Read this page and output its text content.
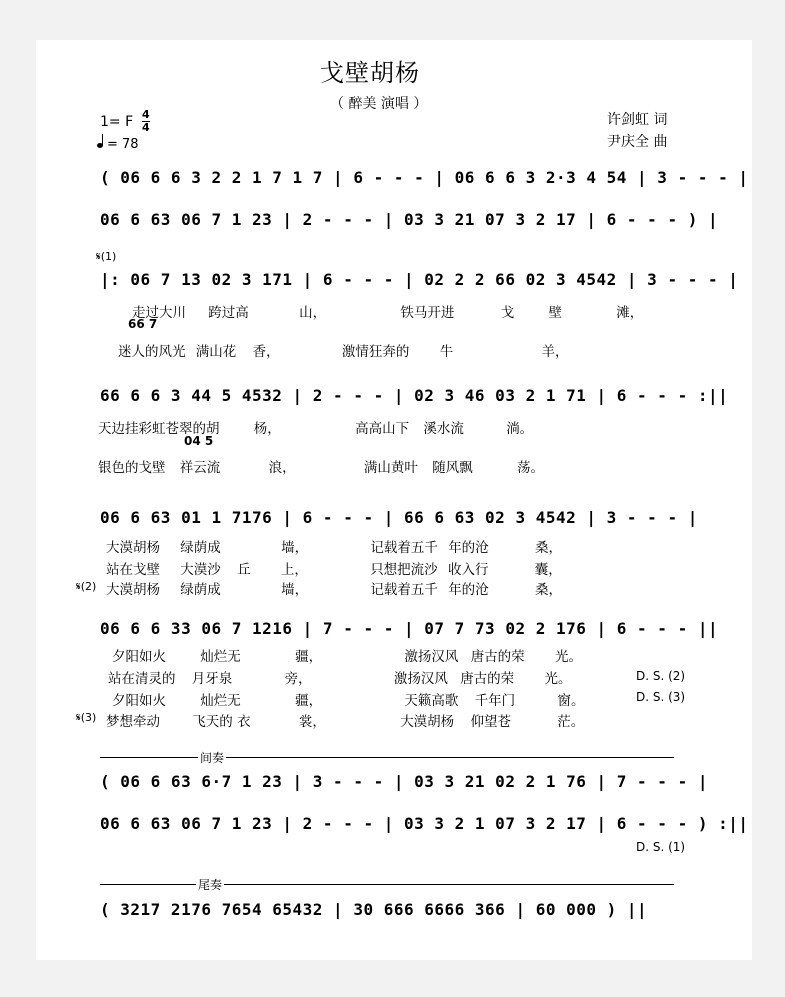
戈壁胡杨
（ 醉美 演唱 ）
许剑虹 词
尹庆全 曲
1= F $\frac{4}{4}$
= 78
( 06 6 6 3 2 2 1 7 1 7 | 6 - - - | 06 6 6 3 2·3 4 54 | 3 - - - |
06 6 63 06 7 1 23 | 2 - - - | 03 3 21 07 3 2 17 | 6 - - - ) |
𝄋(1)
|: 06 7 13 02 3 171 | 6 - - - | 02 2 2 66 02 3 4542 | 3 - - - |
走过大川 跨过高	山，	铁马开进	戈	壁	滩，
66 7
迷人的风光 满山花 香，	激情狂奔的 牛	羊，
66 6 6 3 44 5 4532 | 2 - - - | 02 3 46 03 2 1 71 | 6 - - - :||
天边挂彩虹苍翠的胡	杨，	高高山下 溪水流	淌。
04 5
银色的戈壁 祥云流	浪，	满山黄叶 随风飘	荡。
06 6 63 01 1 7176 | 6 - - - | 66 6 63 02 3 4542 | 3 - - - |
大漠胡杨 绿荫成	墙，	记载着五千 年的沧	桑，
站在戈壁 大漠沙 丘 上，	只想把流沙 收入行	囊，
𝄋(2) 大漠胡杨 绿荫成	墙，	记载着五千 年的沧	桑，
06 6 6 33 06 7 1216 | 7 - - - | 07 7 73 02 2 176 | 6 - - - ||
夕阳如火	灿烂无	疆，	激扬汉风 唐古的荣 光。
站在清灵的 月牙泉	旁，	激扬汉风 唐古的荣 光。	D. S. (2)
夕阳如火	灿烂无	疆，	天籁高歌 千年门	窗。	D. S. (3)
𝄋(3) 梦想牵动 飞天的 衣	裳，	大漠胡杨 仰望苍	茫。
间奏
( 06 6 63 6·7 1 23 | 3 - - - | 03 3 21 02 2 1 76 | 7 - - - |
06 6 63 06 7 1 23 | 2 - - - | 03 3 2 1 07 3 2 17 | 6 - - - ) :||
D. S. (1)
尾奏
( 3217 2176 7654 65432 | 30 666 6666 366 | 60 000 ) ||
